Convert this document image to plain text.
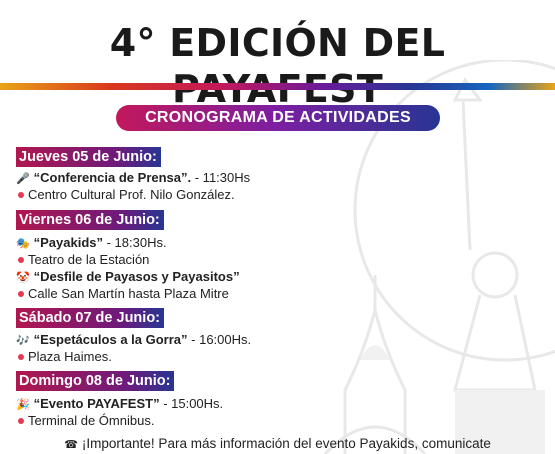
4° EDICIÓN DEL
CRONOGRAMA DE ACTIVIDADES
Jueves 05 de Junio:
🎤 “Conferencia de Prensa”. - 11:30Hs
Centro Cultural Prof. Nilo González.
Viernes 06 de Junio:
🎭 “Payakids” - 18:30Hs.
Teatro de la Estación
🤡 “Desfile de Payasos y Payasitos”
Calle San Martín hasta Plaza Mitre
Sábado 07 de Junio:
🎶 “Espetáculos a la Gorra” - 16:00Hs.
Plaza Haimes.
Domingo 08 de Junio:
🎉 “Evento PAYAFEST” - 15:00Hs.
Terminal de Ómnibus.
☎ ¡Importante! Para más información del evento Payakids, comunicate
